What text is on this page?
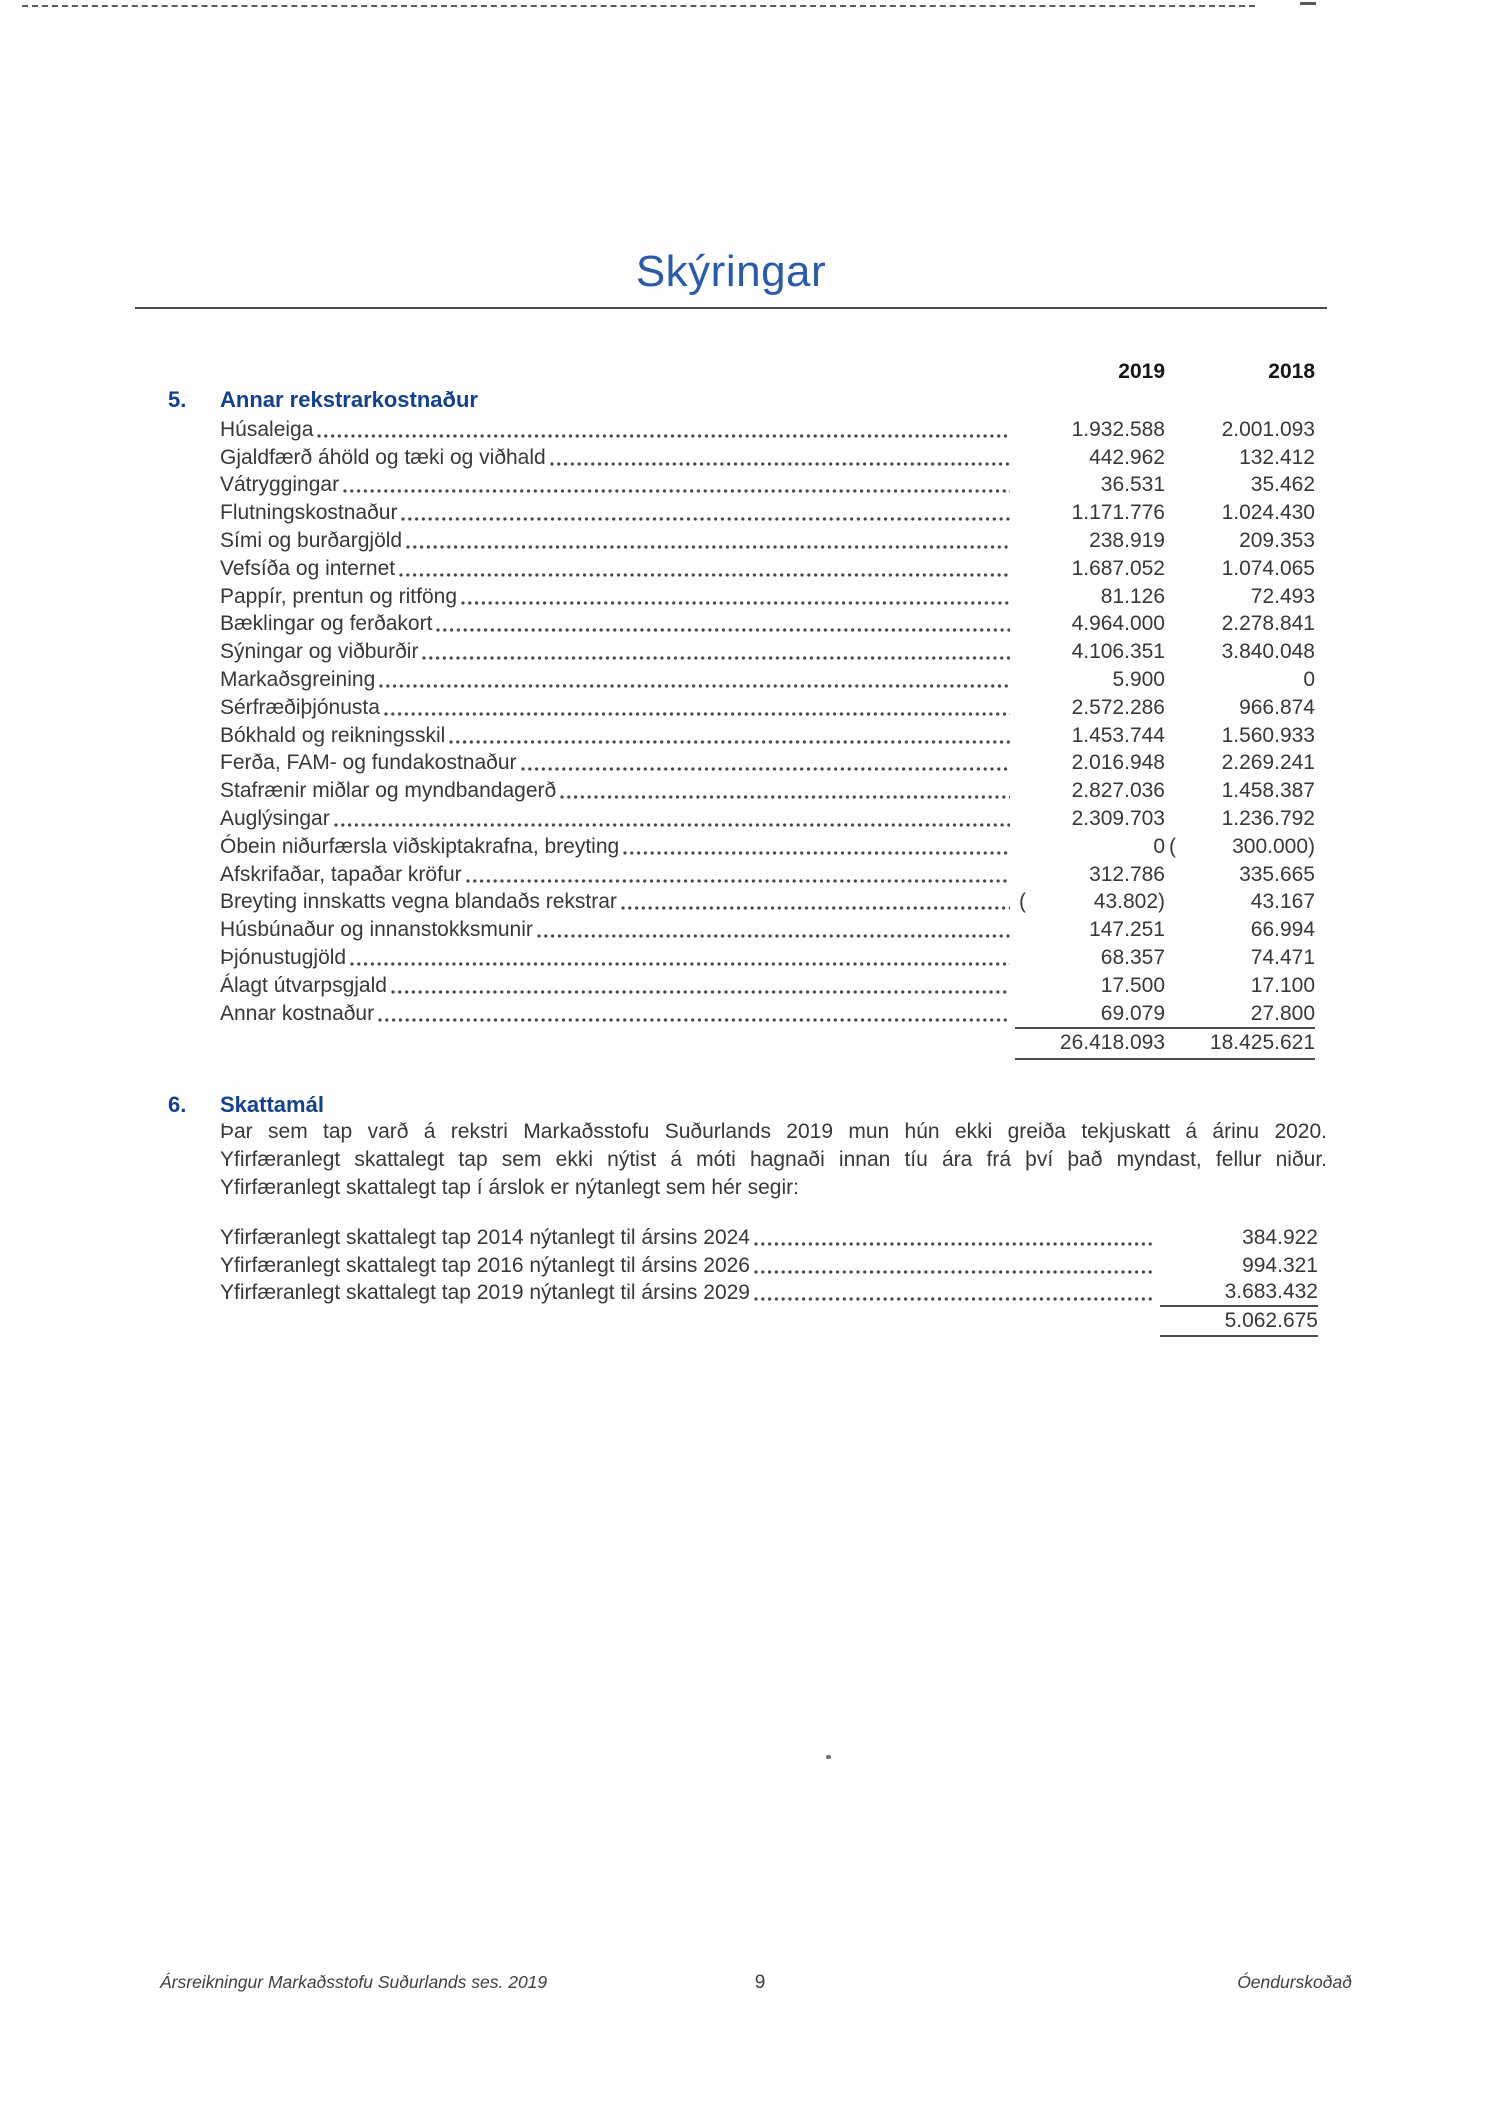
Skýringar
2019	2018
5. Annar rekstrarkostnaður
Húsaleiga	1.932.588	2.001.093
Gjaldfærð áhöld og tæki og viðhald	442.962	132.412
Vátryggingar	36.531	35.462
Flutningskostnaður	1.171.776	1.024.430
Sími og burðargjöld	238.919	209.353
Vefsíða og internet	1.687.052	1.074.065
Pappír, prentun og ritföng	81.126	72.493
Bæklingar og ferðakort	4.964.000	2.278.841
Sýningar og viðburðir	4.106.351	3.840.048
Markaðsgreining	5.900	0
Sérfræðiþjónusta	2.572.286	966.874
Bókhald og reikningsskil	1.453.744	1.560.933
Ferða, FAM- og fundakostnaður	2.016.948	2.269.241
Stafrænir miðlar og myndbandagerð	2.827.036	1.458.387
Auglýsingar	2.309.703	1.236.792
Óbein niðurfærsla viðskiptakrafna, breyting	0 (	300.000)
Afskrifaðar, tapaðar kröfur	312.786	335.665
Breyting innskatts vegna blandaðs rekstrar	(	43.802)	43.167
Húsbúnaður og innanstokksmunir	147.251	66.994
Þjónustugjöld	68.357	74.471
Álagt útvarpsgjald	17.500	17.100
Annar kostnaður	69.079	27.800
26.418.093	18.425.621
6. Skattamál
Þar sem tap varð á rekstri Markaðsstofu Suðurlands 2019 mun hún ekki greiða tekjuskatt á árinu 2020.
Yfirfæranlegt skattalegt tap sem ekki nýtist á móti hagnaði innan tíu ára frá því það myndast, fellur niður.
Yfirfæranlegt skattalegt tap í árslok er nýtanlegt sem hér segir:
Yfirfæranlegt skattalegt tap 2014 nýtanlegt til ársins 2024	384.922
Yfirfæranlegt skattalegt tap 2016 nýtanlegt til ársins 2026	994.321
Yfirfæranlegt skattalegt tap 2019 nýtanlegt til ársins 2029	3.683.432
5.062.675
Ársreikningur Markaðsstofu Suðurlands ses. 2019	9	Óendurskoðað
